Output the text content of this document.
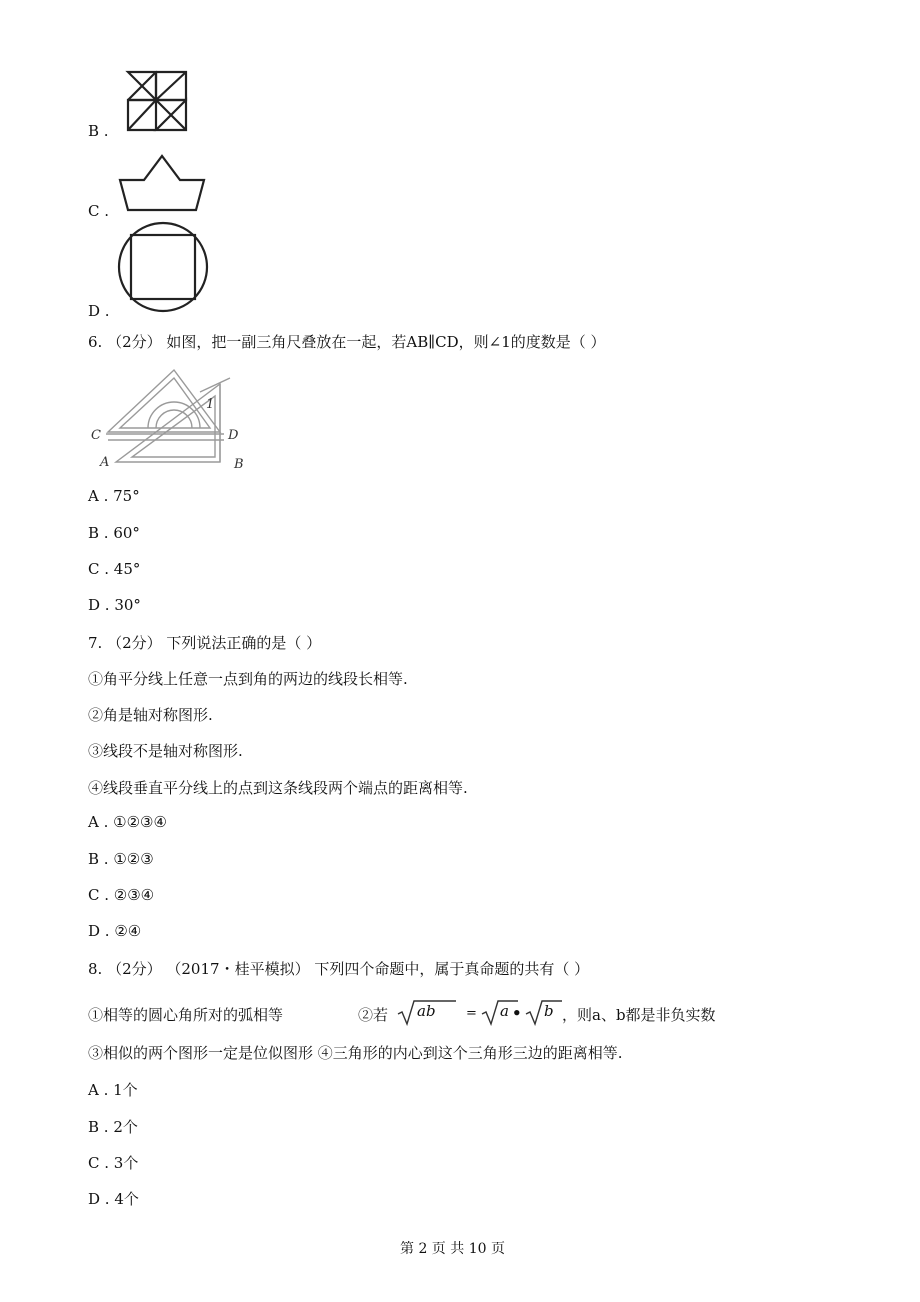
B .
C .
D .
6. （2分） 如图，把一副三角尺叠放在一起，若AB∥CD，则∠1的度数是（ ）
C	D
A	B
1
A . 75°
B . 60°
C . 45°
D . 30°
7. （2分） 下列说法正确的是（ ）
①角平分线上任意一点到角的两边的线段长相等.
②角是轴对称图形.
③线段不是轴对称图形.
④线段垂直平分线上的点到这条线段两个端点的距离相等.
A . ①②③④
B . ①②③
C . ②③④
D . ②④
8. （2分） （2017・桂平模拟） 下列四个命题中，属于真命题的共有（ ）
①相等的圆心角所对的弧相等	②若 ab = a • b ，则a、b都是非负实数
③相似的两个图形一定是位似图形 ④三角形的内心到这个三角形三边的距离相等.
A . 1个
B . 2个
C . 3个
D . 4个
第 2 页 共 10 页
